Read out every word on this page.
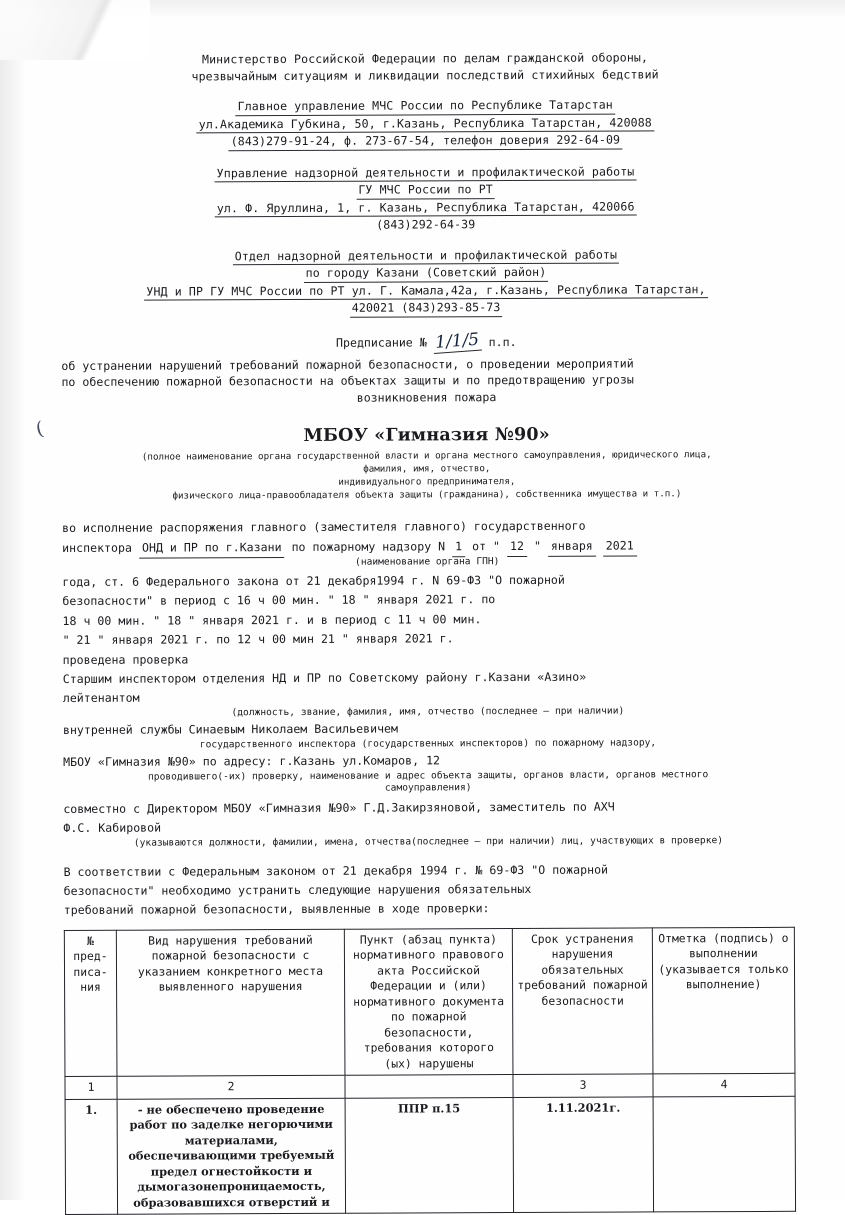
(
Министерство Российской Федерации по делам гражданской обороны,
чрезвычайным ситуациям и ликвидации последствий стихийных бедствий
Главное управление МЧС России по Республике Татарстан
ул.Академика Губкина, 50, г.Казань, Республика Татарстан, 420088
(843)279-91-24, ф. 273-67-54, телефон доверия 292-64-09
Управление надзорной деятельности и профилактической работы
ГУ МЧС России по РТ
ул. Ф. Яруллина, 1, г. Казань, Республика Татарстан, 420066
(843)292-64-39
Отдел надзорной деятельности и профилактической работы
по городу Казани (Советский район)
УНД и ПР ГУ МЧС России по РТ ул. Г. Камала,42а, г.Казань, Республика Татарстан,
420021 (843)293-85-73
Предписание № 1/1/5 п.п.
об устранении нарушений требований пожарной безопасности, о проведении мероприятий
по обеспечению пожарной безопасности на объектах защиты и по предотвращению угрозы
возникновения пожара
МБОУ «Гимназия №90»
(полное наименование органа государственной власти и органа местного самоуправления, юридического лица,
фамилия, имя, отчество,
индивидуального предпринимателя,
физического лица-правообладателя объекта защиты (гражданина), собственника имущества и т.п.)
во исполнение распоряжения главного (заместителя главного) государственного
инспектора ОНД и ПР по г.Казани по пожарному надзору N 1 от " 12 " января 2021
(наименование органа ГПН)
года, ст. 6 Федерального закона от 21 декабря1994 г. N 69-ФЗ "О пожарной
безопасности" в период с 16 ч 00 мин. " 18 " января 2021 г. по
18 ч 00 мин. " 18 " января 2021 г. и в период с 11 ч 00 мин.
" 21 " января 2021 г. по 12 ч 00 мин 21 " января 2021 г.
проведена проверка
Старшим инспектором отделения НД и ПР по Советскому району г.Казани «Азино»
лейтенантом
(должность, звание, фамилия, имя, отчество (последнее – при наличии)
внутренней службы Синаевым Николаем Васильевичем
государственного инспектора (государственных инспекторов) по пожарному надзору,
МБОУ «Гимназия №90» по адресу: г.Казань ул.Комаров, 12
проводившего(-их) проверку, наименование и адрес объекта защиты, органов власти, органов местного
самоуправления)
совместно с Директором МБОУ «Гимназия №90» Г.Д.Закирзяновой, заместитель по АХЧ
Ф.С. Кабировой
(указываются должности, фамилии, имена, отчества(последнее – при наличии) лиц, участвующих в проверке)
В соответствии с Федеральным законом от 21 декабря 1994 г. № 69-ФЗ "О пожарной
безопасности" необходимо устранить следующие нарушения обязательных
требований пожарной безопасности, выявленные в ходе проверки:
№
пред-
писа-
ния	Вид нарушения требований пожарной безопасности с указанием конкретного места выявленного нарушения	Пункт (абзац пункта) нормативного правового акта Российской Федерации и (или) нормативного документа по пожарной безопасности, требования которого (ых) нарушены	Срок устранения нарушения обязательных требований пожарной безопасности	Отметка (подпись) о выполнении (указывается только выполнение)
1	2		3	4
1.	- не обеспечено проведение работ по заделке негорючими материалами, обеспечивающими требуемый предел огнестойкости и дымогазонепроницаемость, образовавшихся отверстий и	ППР п.15	1.11.2021г.	
